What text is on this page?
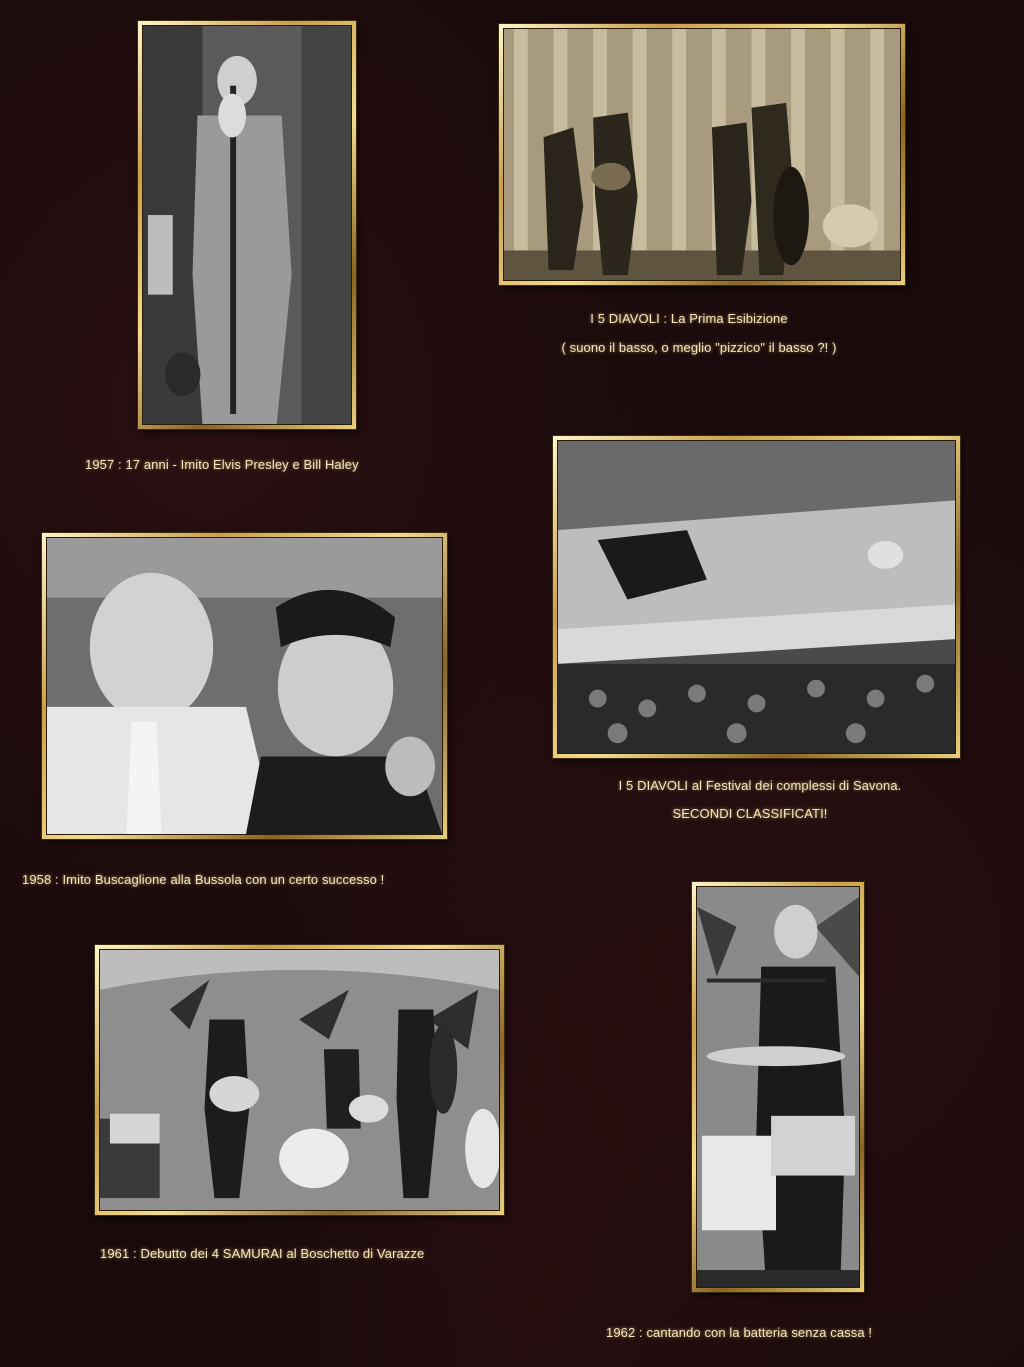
I 5 DIAVOLI : La Prima Esibizione
( suono il basso, o meglio "pizzico" il basso ?! )
1957 : 17 anni - Imito Elvis Presley e Bill Haley
I 5 DIAVOLI al Festival dei complessi di Savona.
SECONDI CLASSIFICATI!
1958 : Imito Buscaglione alla Bussola con un certo successo !
1961 : Debutto dei 4 SAMURAI al Boschetto di Varazze
1962 : cantando con la batteria senza cassa !
